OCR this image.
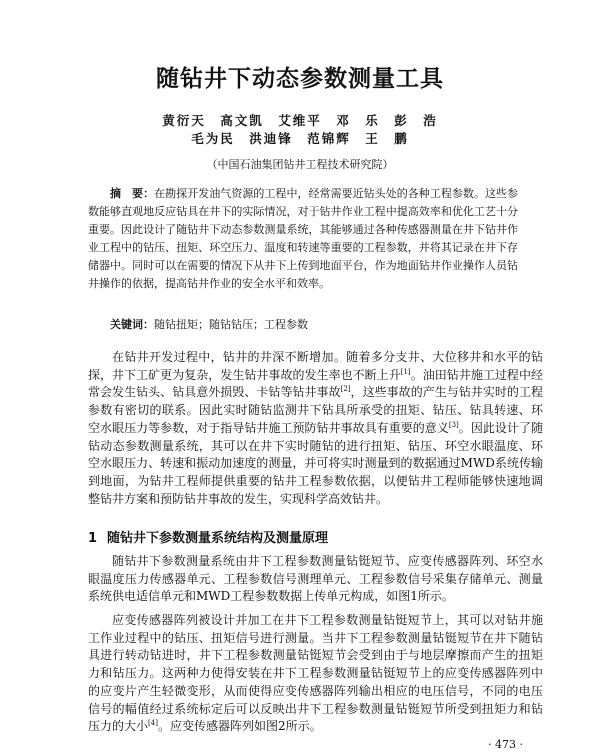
随钻井下动态参数测量工具

黄衍天　高文凯　艾维平　邓　乐　彭　浩

毛为民　洪迪锋　范锦辉　王　鹏

（中国石油集团钻井工程技术研究院）

摘　要：在勘探开发油气资源的工程中，经常需要近钻头处的各种工程参数。这些参数能够直观地反应钻具在井下的实际情况，对于钻井作业工程中提高效率和优化工艺十分重要。因此设计了随钻井下动态参数测量系统，其能够通过各种传感器测量在井下钻井作业工程中的钻压、扭矩、环空压力、温度和转速等重要的工程参数，并将其记录在井下存储器中。同时可以在需要的情况下从井下上传到地面平台，作为地面钻井作业操作人员钻井操作的依据，提高钻井作业的安全水平和效率。

关键词：随钻扭矩；随钻钻压；工程参数

在钻井开发过程中，钻井的井深不断增加。随着多分支井、大位移井和水平的钻探，井下工矿更为复杂，发生钻井事故的发生率也不断上升[1]。油田钻井施工过程中经常会发生钻头、钻具意外损毁、卡钻等钻井事故[2]，这些事故的产生与钻井实时的工程参数有密切的联系。因此实时随钻监测井下钻具所承受的扭矩、钻压、钻具转速、环空水眼压力等参数，对于指导钻井施工预防钻井事故具有重要的意义[3]。因此设计了随钻动态参数测量系统，其可以在井下实时随钻的进行扭矩、钻压、环空水眼温度、环空水眼压力、转速和振动加速度的测量，并可将实时测量到的数据通过MWD系统传输到地面，为钻井工程师提供重要的钻井工程参数依据，以便钻井工程师能够快速地调整钻井方案和预防钻井事故的发生，实现科学高效钻井。

1 随钻井下参数测量系统结构及测量原理

随钻井下参数测量系统由井下工程参数测量钻铤短节、应变传感器阵列、环空水眼温度压力传感器单元、工程参数信号测理单元、工程参数信号采集存储单元、测量系统供电适信单元和MWD工程参数数据上传单元构成，如图1所示。

应变传感器阵列被设计并加工在井下工程参数测量钻铤短节上，其可以对钻井施工作业过程中的钻压、扭矩信号进行测量。当井下工程参数测量钻铤短节在井下随钻具进行转动钻进时，井下工程参数测量钻铤短节会受到由于与地层摩擦而产生的扭矩力和钻压力。这两种力使得安装在井下工程参数测量钻铤短节上的应变传感器阵列中的应变片产生轻微变形，从而使得应变传感器阵列输出相应的电压信号，不同的电压信号的幅值经过系统标定后可以反映出井下工程参数测量钻铤短节所受到扭矩力和钻压力的大小[4]。应变传感器阵列如图2所示。

· 473 ·
